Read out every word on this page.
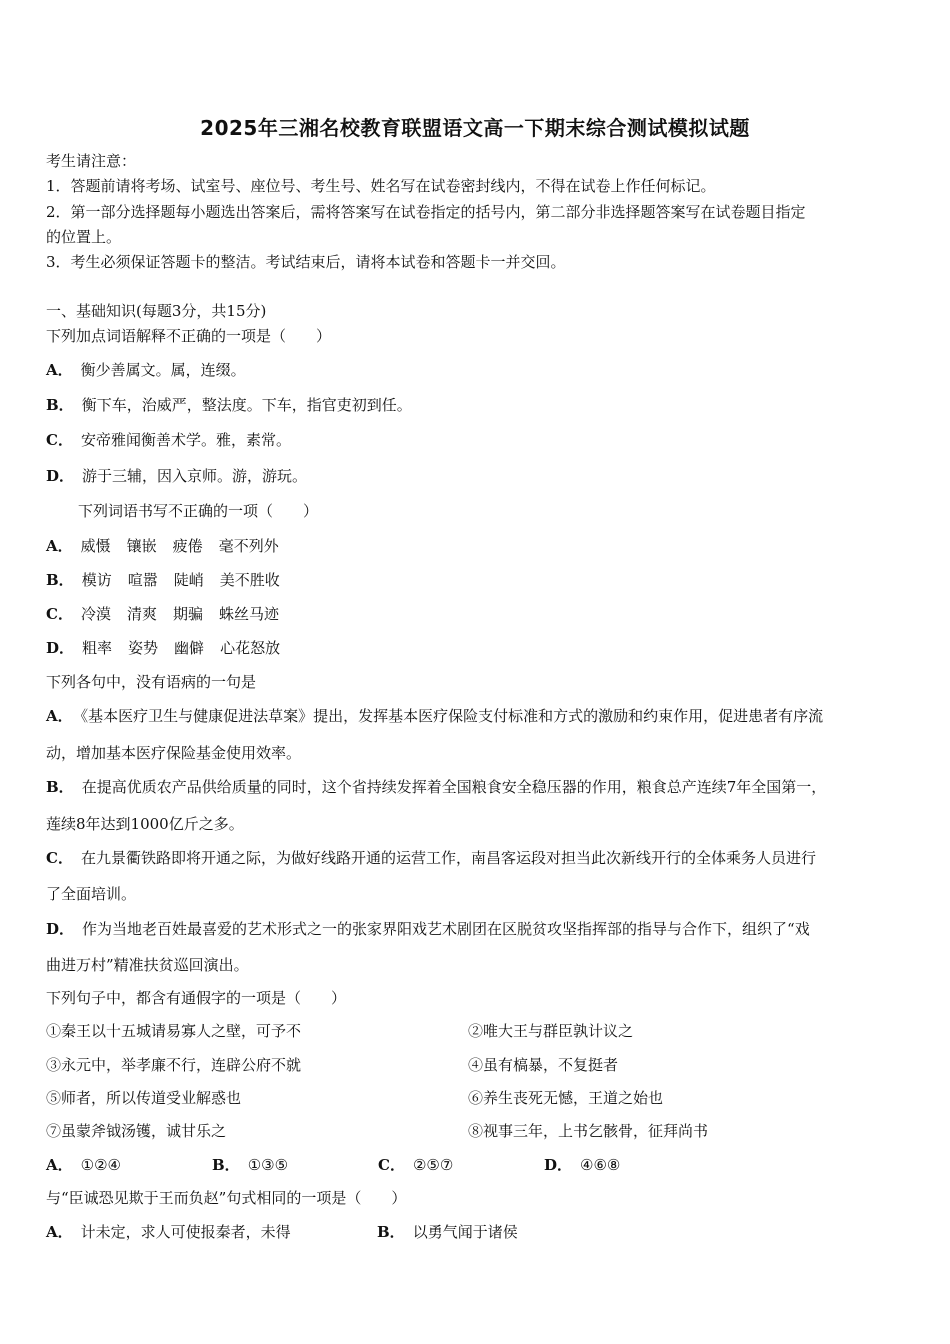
2025年三湘名校教育联盟语文高一下期末综合测试模拟试题
考生请注意：
1．答题前请将考场、试室号、座位号、考生号、姓名写在试卷密封线内，不得在试卷上作任何标记。
2．第一部分选择题每小题选出答案后，需将答案写在试卷指定的括号内，第二部分非选择题答案写在试卷题目指定
的位置上。
3．考生必须保证答题卡的整洁。考试结束后，请将本试卷和答题卡一并交回。
一、基础知识(每题3分，共15分)
下列加点词语解释不正确的一项是（　　）
A． 衡少善属文。属，连缀。
B． 衡下车，治威严，整法度。下车，指官吏初到任。
C． 安帝雅闻衡善术学。雅，素常。
D． 游于三辅，因入京师。游，游玩。
下列词语书写不正确的一项（　　）
A． 威慑 镶嵌 疲倦 毫不列外
B． 模访 喧嚣 陡峭 美不胜收
C． 冷漠 清爽 期骗 蛛丝马迹
D． 粗率 姿势 幽僻 心花怒放
下列各句中，没有语病的一句是
A． 《基本医疗卫生与健康促进法草案》提出，发挥基本医疗保险支付标准和方式的激励和约束作用，促进患者有序流
动，增加基本医疗保险基金使用效率。
B． 在提高优质农产品供给质量的同时，这个省持续发挥着全国粮食安全稳压器的作用，粮食总产连续7年全国第一，
莲续8年达到1000亿斤之多。
C． 在九景衢铁路即将开通之际，为做好线路开通的运营工作，南昌客运段对担当此次新线开行的全体乘务人员进行
了全面培训。
D． 作为当地老百姓最喜爱的艺术形式之一的张家界阳戏艺术剧团在区脱贫攻坚指挥部的指导与合作下，组织了“戏
曲进万村”精准扶贫巡回演出。
下列句子中，都含有通假字的一项是（　　）
①秦王以十五城请易寡人之壁，可予不	②唯大王与群臣孰计议之
③永元中，举孝廉不行，连辟公府不就	④虽有槁暴，不复挺者
⑤师者，所以传道受业解惑也	⑥养生丧死无憾，王道之始也
⑦虽蒙斧钺汤镬，诚甘乐之	⑧视事三年，上书乞骸骨，征拜尚书
A． ①②④	B． ①③⑤	C． ②⑤⑦	D． ④⑥⑧
与“臣诚恐见欺于王而负赵”句式相同的一项是（　　）
A． 计未定，求人可使报秦者，未得	B． 以勇气闻于诸侯
